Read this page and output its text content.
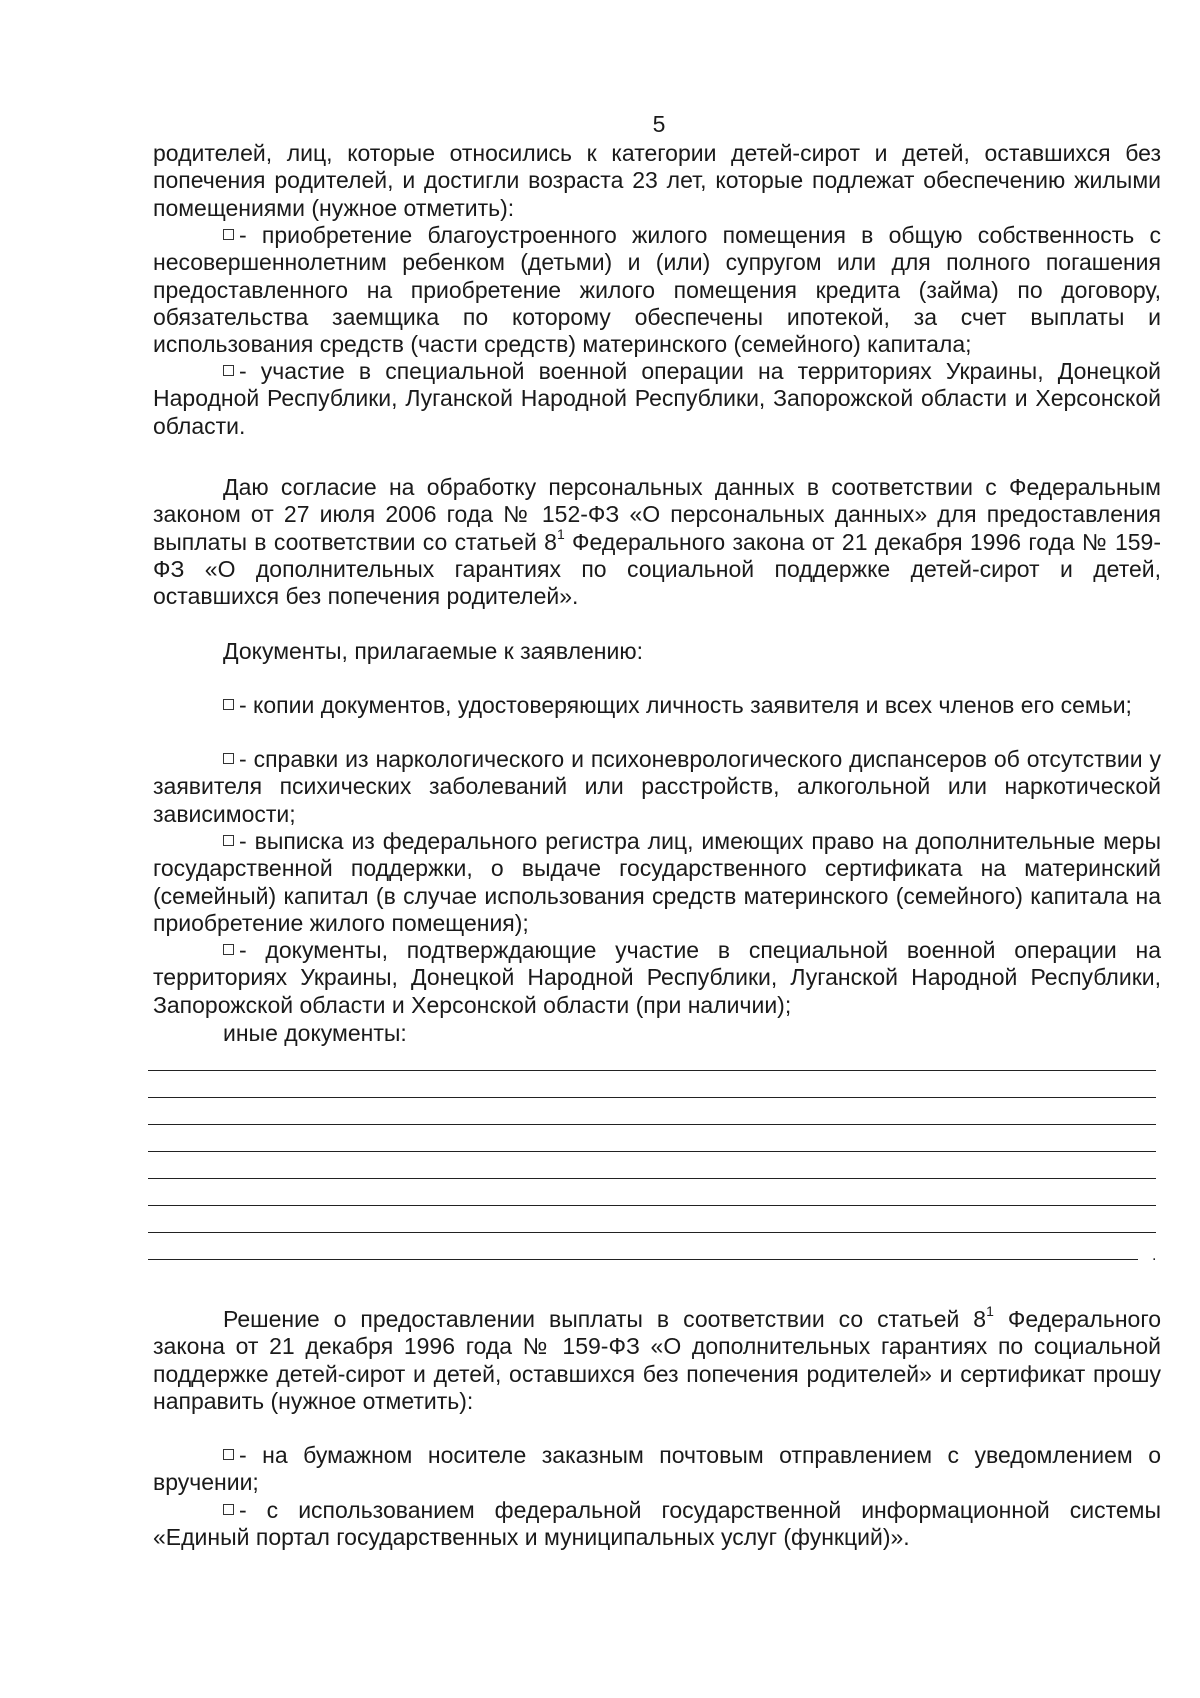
5

родителей, лиц, которые относились к категории детей-сирот и детей, оставшихся без попечения родителей, и достигли возраста 23 лет, которые подлежат обеспечению жилыми помещениями (нужное отметить):

- приобретение благоустроенного жилого помещения в общую собственность с несовершеннолетним ребенком (детьми) и (или) супругом или для полного погашения предоставленного на приобретение жилого помещения кредита (займа) по договору, обязательства заемщика по которому обеспечены ипотекой, за счет выплаты и использования средств (части средств) материнского (семейного) капитала;

- участие в специальной военной операции на территориях Украины, Донецкой Народной Республики, Луганской Народной Республики, Запорожской области и Херсонской области.

Даю согласие на обработку персональных данных в соответствии с Федеральным законом от 27 июля 2006 года № 152-ФЗ «О персональных данных» для предоставления выплаты в соответствии со статьей $8^1$ Федерального закона от 21 декабря 1996 года № 159-ФЗ «О дополнительных гарантиях по социальной поддержке детей-сирот и детей, оставшихся без попечения родителей».

Документы, прилагаемые к заявлению:

- копии документов, удостоверяющих личность заявителя и всех членов его семьи;

- справки из наркологического и психоневрологического диспансеров об отсутствии у заявителя психических заболеваний или расстройств, алкогольной или наркотической зависимости;

- выписка из федерального регистра лиц, имеющих право на дополнительные меры государственной поддержки, о выдаче государственного сертификата на материнский (семейный) капитал (в случае использования средств материнского (семейного) капитала на приобретение жилого помещения);

- документы, подтверждающие участие в специальной военной операции на территориях Украины, Донецкой Народной Республики, Луганской Народной Республики, Запорожской области и Херсонской области (при наличии);

иные документы:

.

Решение о предоставлении выплаты в соответствии со статьей $8^1$ Федерального закона от 21 декабря 1996 года № 159-ФЗ «О дополнительных гарантиях по социальной поддержке детей-сирот и детей, оставшихся без попечения родителей» и сертификат прошу направить (нужное отметить):

- на бумажном носителе заказным почтовым отправлением с уведомлением о вручении;

- с использованием федеральной государственной информационной системы «Единый портал государственных и муниципальных услуг (функций)».
